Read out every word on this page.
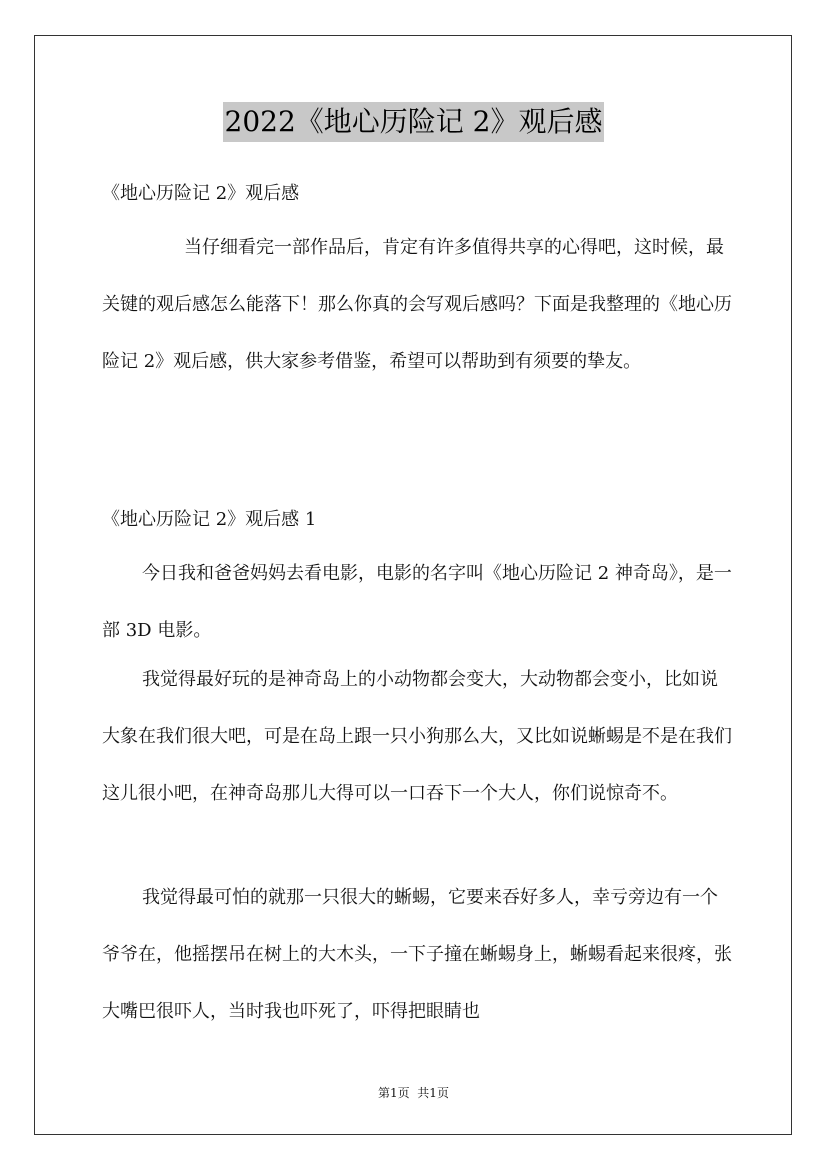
2022《地心历险记 2》观后感

《地心历险记 2》观后感

当仔细看完一部作品后，肯定有许多值得共享的心得吧，这时候，最关键的观后感怎么能落下！那么你真的会写观后感吗？下面是我整理的《地心历险记 2》观后感，供大家参考借鉴，希望可以帮助到有须要的挚友。

《地心历险记 2》观后感 1

今日我和爸爸妈妈去看电影，电影的名字叫《地心历险记 2 神奇岛》，是一部 3D 电影。

我觉得最好玩的是神奇岛上的小动物都会变大，大动物都会变小，比如说大象在我们很大吧，可是在岛上跟一只小狗那么大，又比如说蜥蜴是不是在我们这儿很小吧，在神奇岛那儿大得可以一口吞下一个大人，你们说惊奇不。

我觉得最可怕的就那一只很大的蜥蜴，它要来吞好多人，幸亏旁边有一个爷爷在，他摇摆吊在树上的大木头，一下子撞在蜥蜴身上，蜥蜴看起来很疼，张大嘴巴很吓人，当时我也吓死了，吓得把眼睛也

第1页  共1页
